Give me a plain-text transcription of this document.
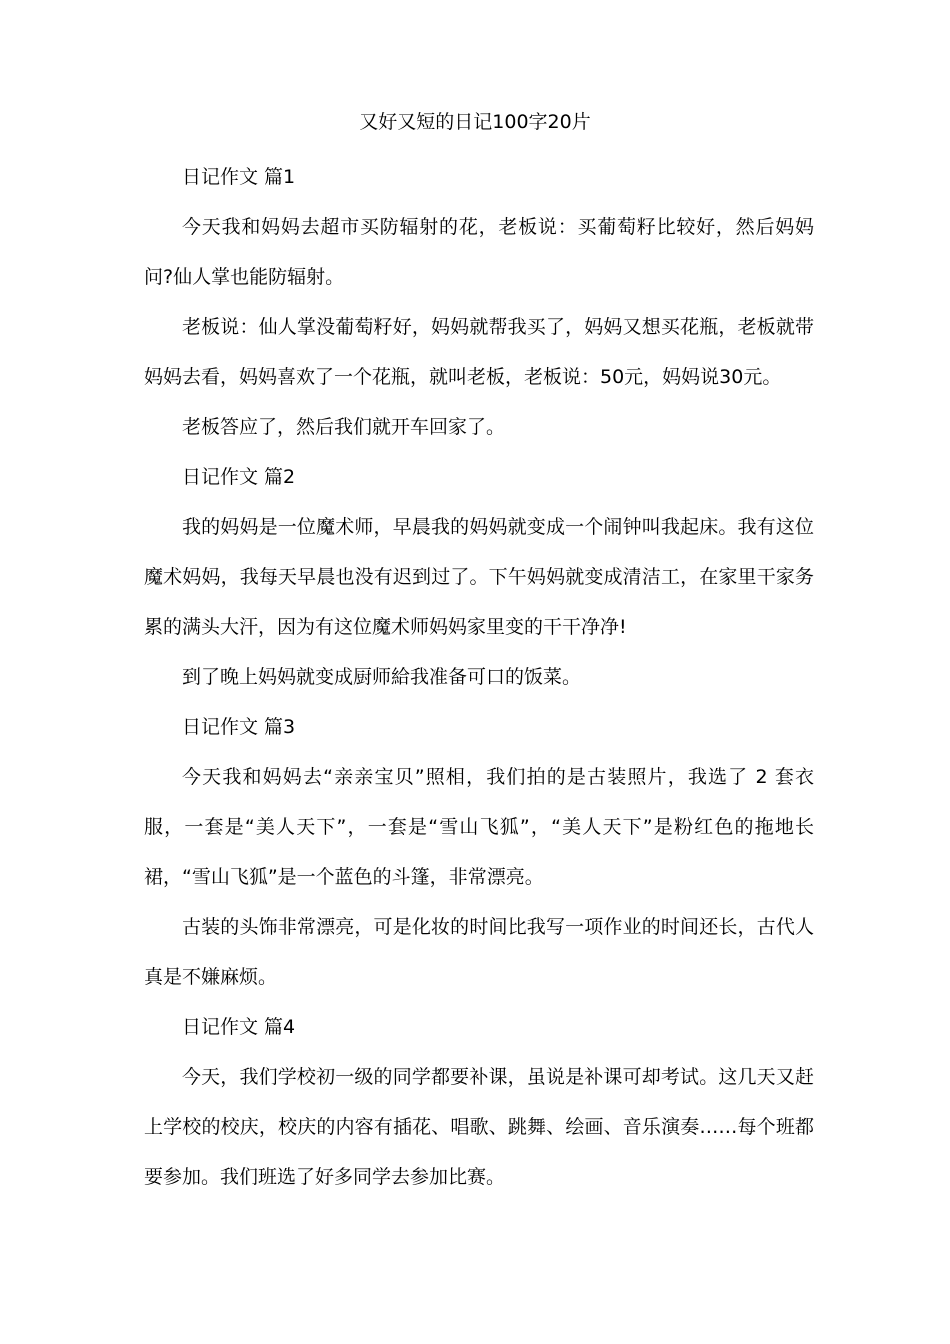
又好又短的日记100字20片

日记作文 篇1

今天我和妈妈去超市买防辐射的花，老板说：买葡萄籽比较好，然后妈妈问?仙人掌也能防辐射。

老板说：仙人掌没葡萄籽好，妈妈就帮我买了，妈妈又想买花瓶，老板就带妈妈去看，妈妈喜欢了一个花瓶，就叫老板，老板说：50元，妈妈说30元。

老板答应了，然后我们就开车回家了。

日记作文 篇2

我的妈妈是一位魔术师，早晨我的妈妈就变成一个闹钟叫我起床。我有这位魔术妈妈，我每天早晨也没有迟到过了。下午妈妈就变成清洁工，在家里干家务累的满头大汗，因为有这位魔术师妈妈家里变的干干净净!

到了晚上妈妈就变成厨师給我准备可口的饭菜。

日记作文 篇3

今天我和妈妈去“亲亲宝贝”照相，我们拍的是古装照片，我选了 2 套衣服，一套是“美人天下”，一套是“雪山飞狐”，“美人天下”是粉红色的拖地长裙，“雪山飞狐”是一个蓝色的斗篷，非常漂亮。

古装的头饰非常漂亮，可是化妆的时间比我写一项作业的时间还长，古代人真是不嫌麻烦。

日记作文 篇4

今天，我们学校初一级的同学都要补课，虽说是补课可却考试。这几天又赶上学校的校庆，校庆的内容有插花、唱歌、跳舞、绘画、音乐演奏……每个班都要参加。我们班选了好多同学去参加比赛。
